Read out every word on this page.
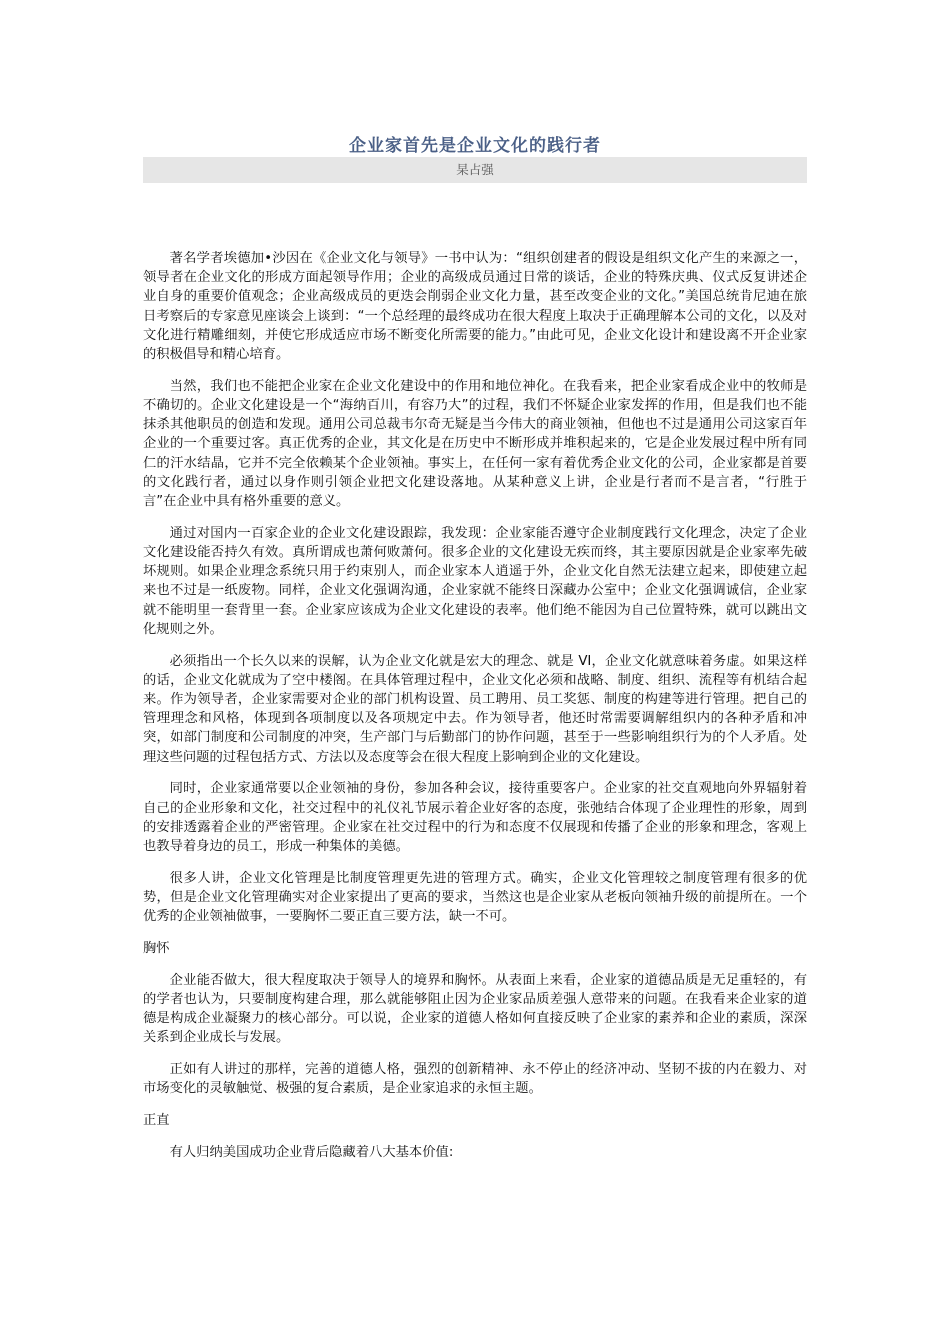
企业家首先是企业文化的践行者
杲占强

著名学者埃德加•沙因在《企业文化与领导》一书中认为：“组织创建者的假设是组织文化产生的来源之一，领导者在企业文化的形成方面起领导作用；企业的高级成员通过日常的谈话，企业的特殊庆典、仪式反复讲述企业自身的重要价值观念；企业高级成员的更迭会削弱企业文化力量，甚至改变企业的文化。”美国总统肯尼迪在旅日考察后的专家意见座谈会上谈到：“一个总经理的最终成功在很大程度上取决于正确理解本公司的文化，以及对文化进行精雕细刻，并使它形成适应市场不断变化所需要的能力。”由此可见，企业文化设计和建设离不开企业家的积极倡导和精心培育。

当然，我们也不能把企业家在企业文化建设中的作用和地位神化。在我看来，把企业家看成企业中的牧师是不确切的。企业文化建设是一个“海纳百川，有容乃大”的过程，我们不怀疑企业家发挥的作用，但是我们也不能抹杀其他职员的创造和发现。通用公司总裁韦尔奇无疑是当今伟大的商业领袖，但他也不过是通用公司这家百年企业的一个重要过客。真正优秀的企业，其文化是在历史中不断形成并堆积起来的，它是企业发展过程中所有同仁的汗水结晶，它并不完全依赖某个企业领袖。事实上，在任何一家有着优秀企业文化的公司，企业家都是首要的文化践行者，通过以身作则引领企业把文化建设落地。从某种意义上讲，企业是行者而不是言者，“行胜于言”在企业中具有格外重要的意义。

通过对国内一百家企业的企业文化建设跟踪，我发现：企业家能否遵守企业制度践行文化理念，决定了企业文化建设能否持久有效。真所谓成也萧何败萧何。很多企业的文化建设无疾而终，其主要原因就是企业家率先破坏规则。如果企业理念系统只用于约束别人，而企业家本人逍遥于外，企业文化自然无法建立起来，即使建立起来也不过是一纸废物。同样，企业文化强调沟通，企业家就不能终日深藏办公室中；企业文化强调诚信，企业家就不能明里一套背里一套。企业家应该成为企业文化建设的表率。他们绝不能因为自己位置特殊，就可以跳出文化规则之外。

必须指出一个长久以来的误解，认为企业文化就是宏大的理念、就是 VI，企业文化就意味着务虚。如果这样的话，企业文化就成为了空中楼阁。在具体管理过程中，企业文化必须和战略、制度、组织、流程等有机结合起来。作为领导者，企业家需要对企业的部门机构设置、员工聘用、员工奖惩、制度的构建等进行管理。把自己的管理理念和风格，体现到各项制度以及各项规定中去。作为领导者，他还时常需要调解组织内的各种矛盾和冲突，如部门制度和公司制度的冲突，生产部门与后勤部门的协作问题，甚至于一些影响组织行为的个人矛盾。处理这些问题的过程包括方式、方法以及态度等会在很大程度上影响到企业的文化建设。

同时，企业家通常要以企业领袖的身份，参加各种会议，接待重要客户。企业家的社交直观地向外界辐射着自己的企业形象和文化，社交过程中的礼仪礼节展示着企业好客的态度，张弛结合体现了企业理性的形象，周到的安排透露着企业的严密管理。企业家在社交过程中的行为和态度不仅展现和传播了企业的形象和理念，客观上也教导着身边的员工，形成一种集体的美德。

很多人讲，企业文化管理是比制度管理更先进的管理方式。确实，企业文化管理较之制度管理有很多的优势，但是企业文化管理确实对企业家提出了更高的要求，当然这也是企业家从老板向领袖升级的前提所在。一个优秀的企业领袖做事，一要胸怀二要正直三要方法，缺一不可。

胸怀

企业能否做大，很大程度取决于领导人的境界和胸怀。从表面上来看，企业家的道德品质是无足重轻的，有的学者也认为，只要制度构建合理，那么就能够阻止因为企业家品质差强人意带来的问题。在我看来企业家的道德是构成企业凝聚力的核心部分。可以说，企业家的道德人格如何直接反映了企业家的素养和企业的素质，深深关系到企业成长与发展。

正如有人讲过的那样，完善的道德人格，强烈的创新精神、永不停止的经济冲动、坚韧不拔的内在毅力、对市场变化的灵敏触觉、极强的复合素质，是企业家追求的永恒主题。

正直

有人归纳美国成功企业背后隐藏着八大基本价值:
